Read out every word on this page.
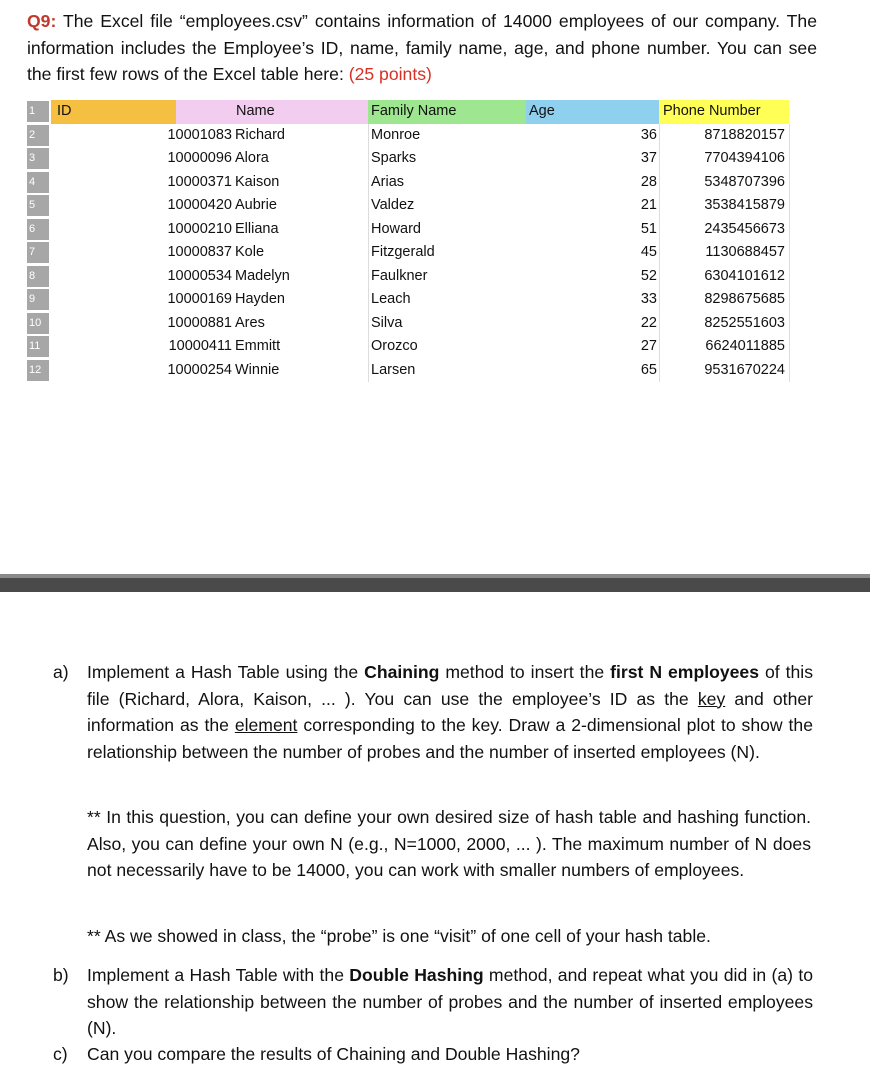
Q9: The Excel file “employees.csv” contains information of 14000 employees of our company. The information includes the Employee’s ID, name, family name, age, and phone number. You can see the first few rows of the Excel table here: (25 points)
1	ID	Name	Family Name	Age	Phone Number
2	10001083 Richard	Monroe	36	8718820157
3	10000096 Alora	Sparks	37	7704394106
4	10000371 Kaison	Arias	28	5348707396
5	10000420 Aubrie	Valdez	21	3538415879
6	10000210 Elliana	Howard	51	2435456673
7	10000837 Kole	Fitzgerald	45	1130688457
8	10000534 Madelyn	Faulkner	52	6304101612
9	10000169 Hayden	Leach	33	8298675685
10	10000881 Ares	Silva	22	8252551603
11	10000411 Emmitt	Orozco	27	6624011885
12	10000254 Winnie	Larsen	65	9531670224
a) Implement a Hash Table using the Chaining method to insert the first N employees of this file (Richard, Alora, Kaison, ... ). You can use the employee’s ID as the key and other information as the element corresponding to the key. Draw a 2-dimensional plot to show the relationship between the number of probes and the number of inserted employees (N).
** In this question, you can define your own desired size of hash table and hashing function. Also, you can define your own N (e.g., N=1000, 2000, ... ). The maximum number of N does not necessarily have to be 14000, you can work with smaller numbers of employees.
** As we showed in class, the “probe” is one “visit” of one cell of your hash table.
b) Implement a Hash Table with the Double Hashing method, and repeat what you did in (a) to show the relationship between the number of probes and the number of inserted employees (N).
c) Can you compare the results of Chaining and Double Hashing?
